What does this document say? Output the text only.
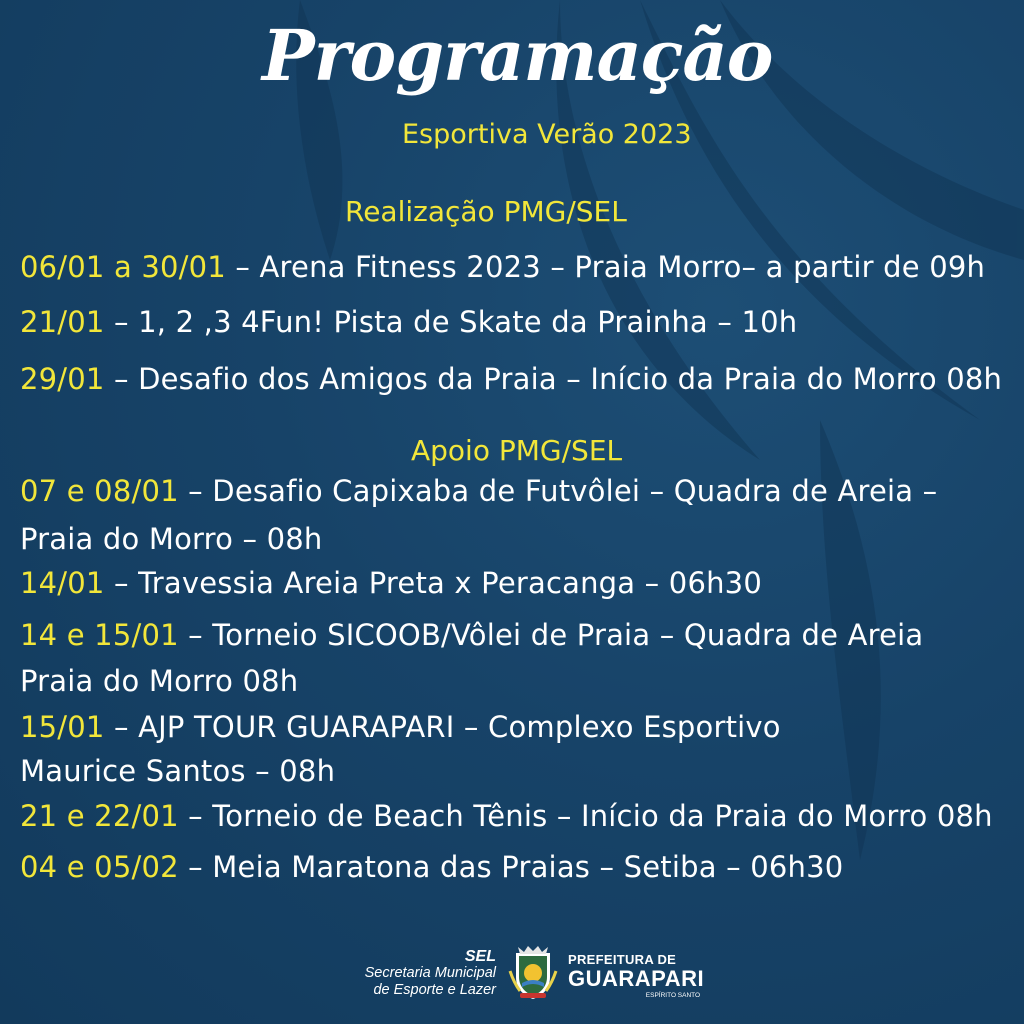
Programação
Esportiva Verão 2023
Realização PMG/SEL
06/01 a 30/01 – Arena Fitness 2023 – Praia Morro– a partir de 09h
21/01 – 1, 2 ,3 4Fun! Pista de Skate da Prainha – 10h
29/01 – Desafio dos Amigos da Praia – Início da Praia do Morro 08h
Apoio PMG/SEL
07 e 08/01 – Desafio Capixaba de Futvôlei – Quadra de Areia –
Praia do Morro – 08h
14/01 – Travessia Areia Preta x Peracanga – 06h30
14 e 15/01 – Torneio SICOOB/Vôlei de Praia – Quadra de Areia
Praia do Morro 08h
15/01 – AJP TOUR GUARAPARI – Complexo Esportivo
Maurice Santos – 08h
21 e 22/01 – Torneio de Beach Tênis – Início da Praia do Morro 08h
04 e 05/02 – Meia Maratona das Praias – Setiba – 06h30
SEL
Secretaria Municipal
de Esporte e Lazer
PREFEITURA DE
GUARAPARI
ESPÍRITO SANTO
